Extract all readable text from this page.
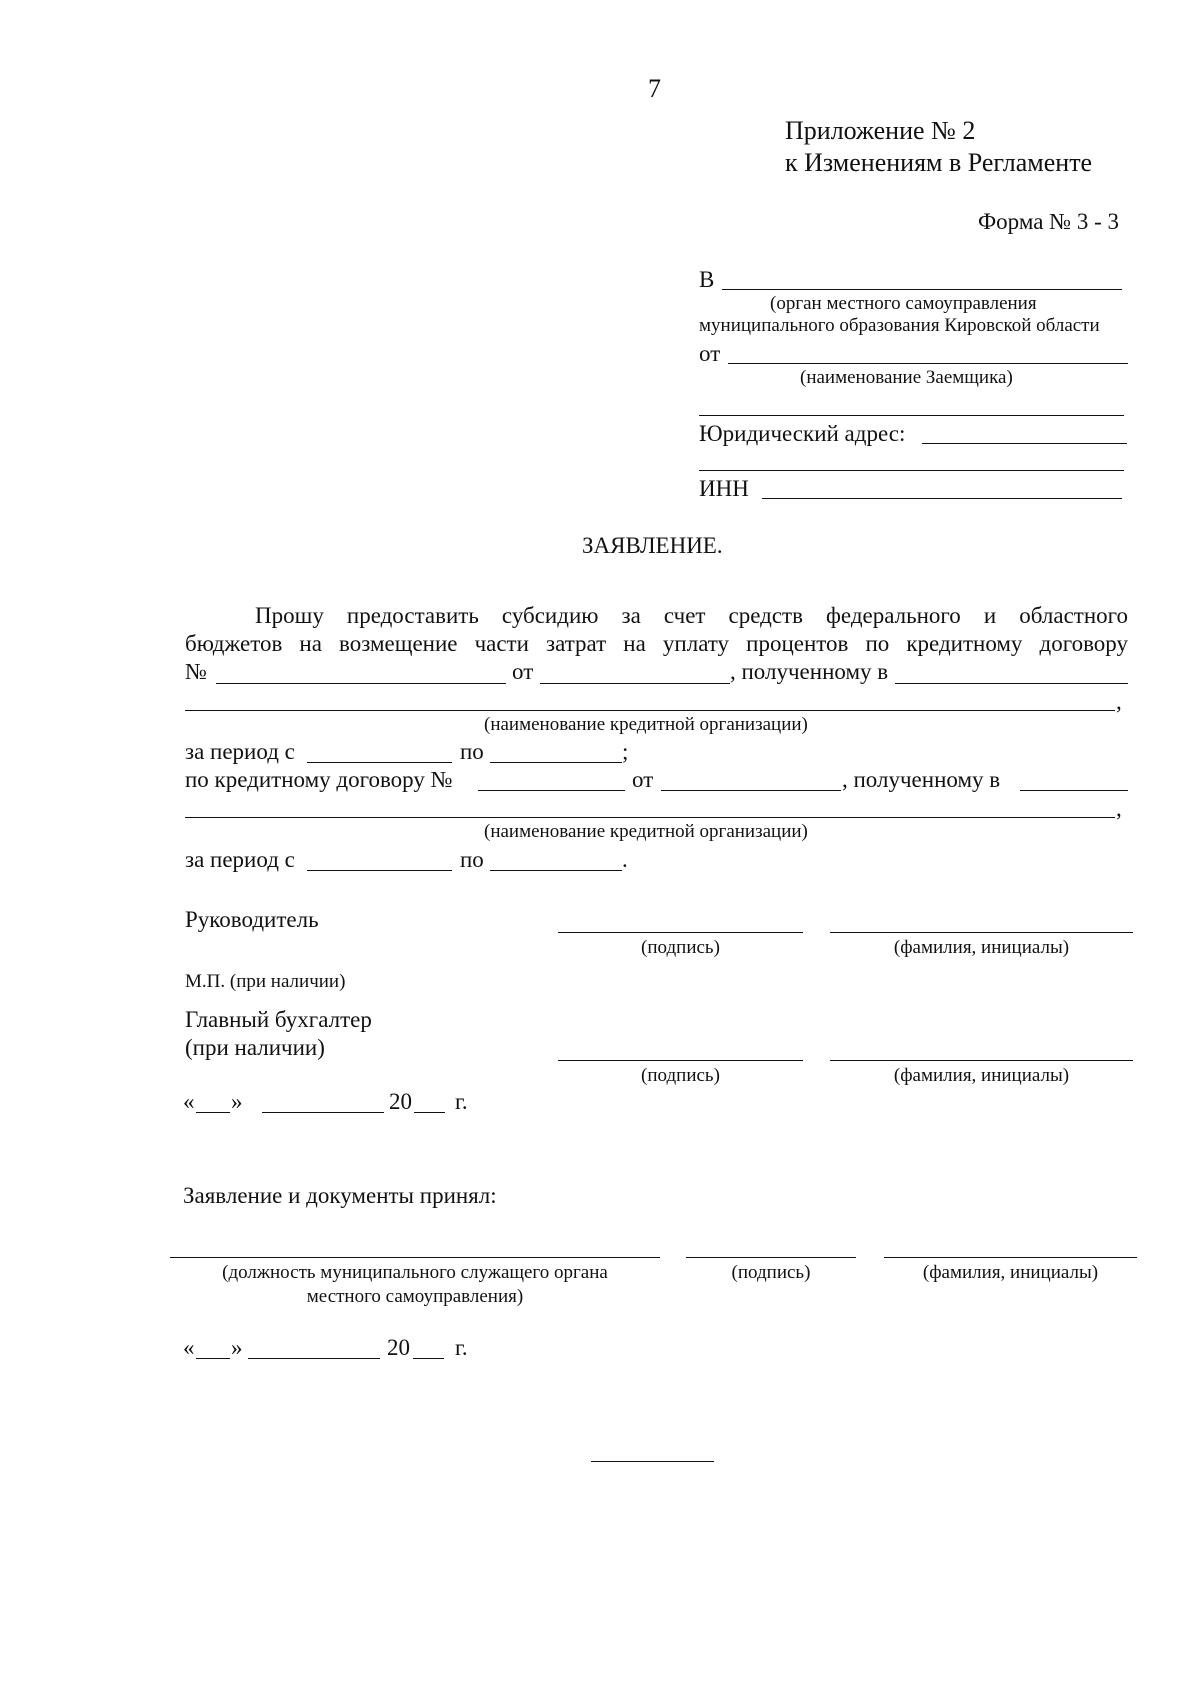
7
Приложение № 2
к Изменениям в Регламенте
Форма № 3 - 3
В
(орган местного самоуправления
муниципального образования Кировской области
от
(наименование Заемщика)
Юридический адрес:
ИНН
ЗАЯВЛЕНИЕ.
Прошу предоставить субсидию за счет средств федерального и областного
бюджетов на возмещение части затрат на уплату процентов по кредитному договору
№	от	, полученному в
,
(наименование кредитной организации)
за период с	по	;
по кредитному договору №	от	, полученному в
,
(наименование кредитной организации)
за период с	по	.
Руководитель
(подпись)	(фамилия, инициалы)
М.П. (при наличии)
Главный бухгалтер
(при наличии)
(подпись)	(фамилия, инициалы)
« »	20 г.
Заявление и документы принял:
(должность муниципального служащего органа
местного самоуправления)
(подпись)	(фамилия, инициалы)
« »	20 г.
